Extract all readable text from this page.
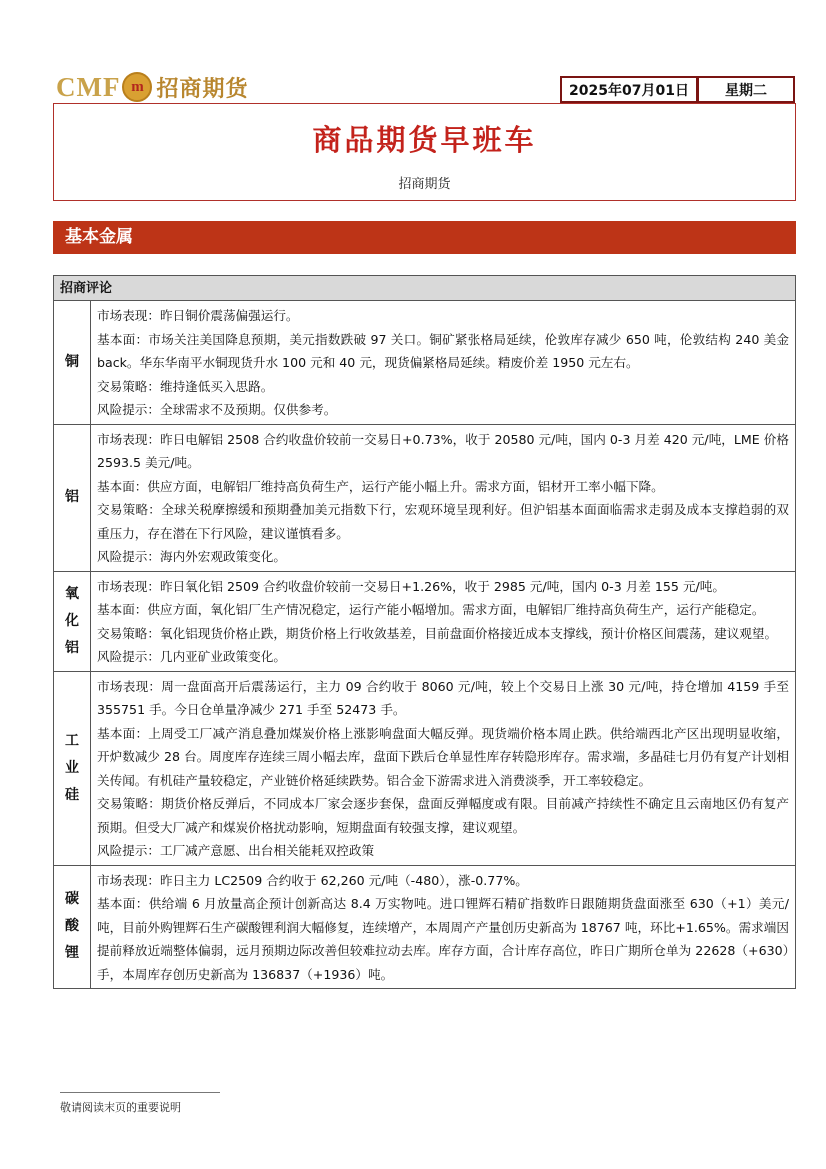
CMF m 招商期货	2025年07月01日	星期二
商品期货早班车
招商期货
基本金属
招商评论
铜

市场表现：昨日铜价震荡偏强运行。

基本面：市场关注美国降息预期，美元指数跌破 97 关口。铜矿紧张格局延续，伦敦库存减少 650 吨，伦敦结构 240 美金 back。华东华南平水铜现货升水 100 元和 40 元，现货偏紧格局延续。精废价差 1950 元左右。

交易策略：维持逢低买入思路。

风险提示：全球需求不及预期。仅供参考。

铝

市场表现：昨日电解铝 2508 合约收盘价较前一交易日+0.73%，收于 20580 元/吨，国内 0-3 月差 420 元/吨，LME 价格 2593.5 美元/吨。

基本面：供应方面，电解铝厂维持高负荷生产，运行产能小幅上升。需求方面，铝材开工率小幅下降。

交易策略：全球关税摩擦缓和预期叠加美元指数下行，宏观环境呈现利好。但沪铝基本面面临需求走弱及成本支撑趋弱的双重压力，存在潜在下行风险，建议谨慎看多。

风险提示：海内外宏观政策变化。

氧化铝

市场表现：昨日氧化铝 2509 合约收盘价较前一交易日+1.26%，收于 2985 元/吨，国内 0-3 月差 155 元/吨。

基本面：供应方面，氧化铝厂生产情况稳定，运行产能小幅增加。需求方面，电解铝厂维持高负荷生产，运行产能稳定。

交易策略：氧化铝现货价格止跌，期货价格上行收敛基差，目前盘面价格接近成本支撑线，预计价格区间震荡，建议观望。

风险提示：几内亚矿业政策变化。

工业硅

市场表现：周一盘面高开后震荡运行，主力 09 合约收于 8060 元/吨，较上个交易日上涨 30 元/吨，持仓增加 4159 手至 355751 手。今日仓单量净减少 271 手至 52473 手。

基本面：上周受工厂减产消息叠加煤炭价格上涨影响盘面大幅反弹。现货端价格本周止跌。供给端西北产区出现明显收缩，开炉数减少 28 台。周度库存连续三周小幅去库，盘面下跌后仓单显性库存转隐形库存。需求端，多晶硅七月仍有复产计划相关传闻。有机硅产量较稳定，产业链价格延续跌势。铝合金下游需求进入消费淡季，开工率较稳定。

交易策略：期货价格反弹后，不同成本厂家会逐步套保，盘面反弹幅度或有限。目前减产持续性不确定且云南地区仍有复产预期。但受大厂减产和煤炭价格扰动影响，短期盘面有较强支撑，建议观望。

风险提示：工厂减产意愿、出台相关能耗双控政策

碳酸锂

市场表现：昨日主力 LC2509 合约收于 62,260 元/吨（-480），涨-0.77%。

基本面：供给端 6 月放量高企预计创新高达 8.4 万实物吨。进口锂辉石精矿指数昨日跟随期货盘面涨至 630（+1）美元/吨，目前外购锂辉石生产碳酸锂利润大幅修复，连续增产，本周周产产量创历史新高为 18767 吨，环比+1.65%。需求端因提前释放近端整体偏弱，远月预期边际改善但较难拉动去库。库存方面，合计库存高位，昨日广期所仓单为 22628（+630）手，本周库存创历史新高为 136837（+1936）吨。

敬请阅读末页的重要说明
